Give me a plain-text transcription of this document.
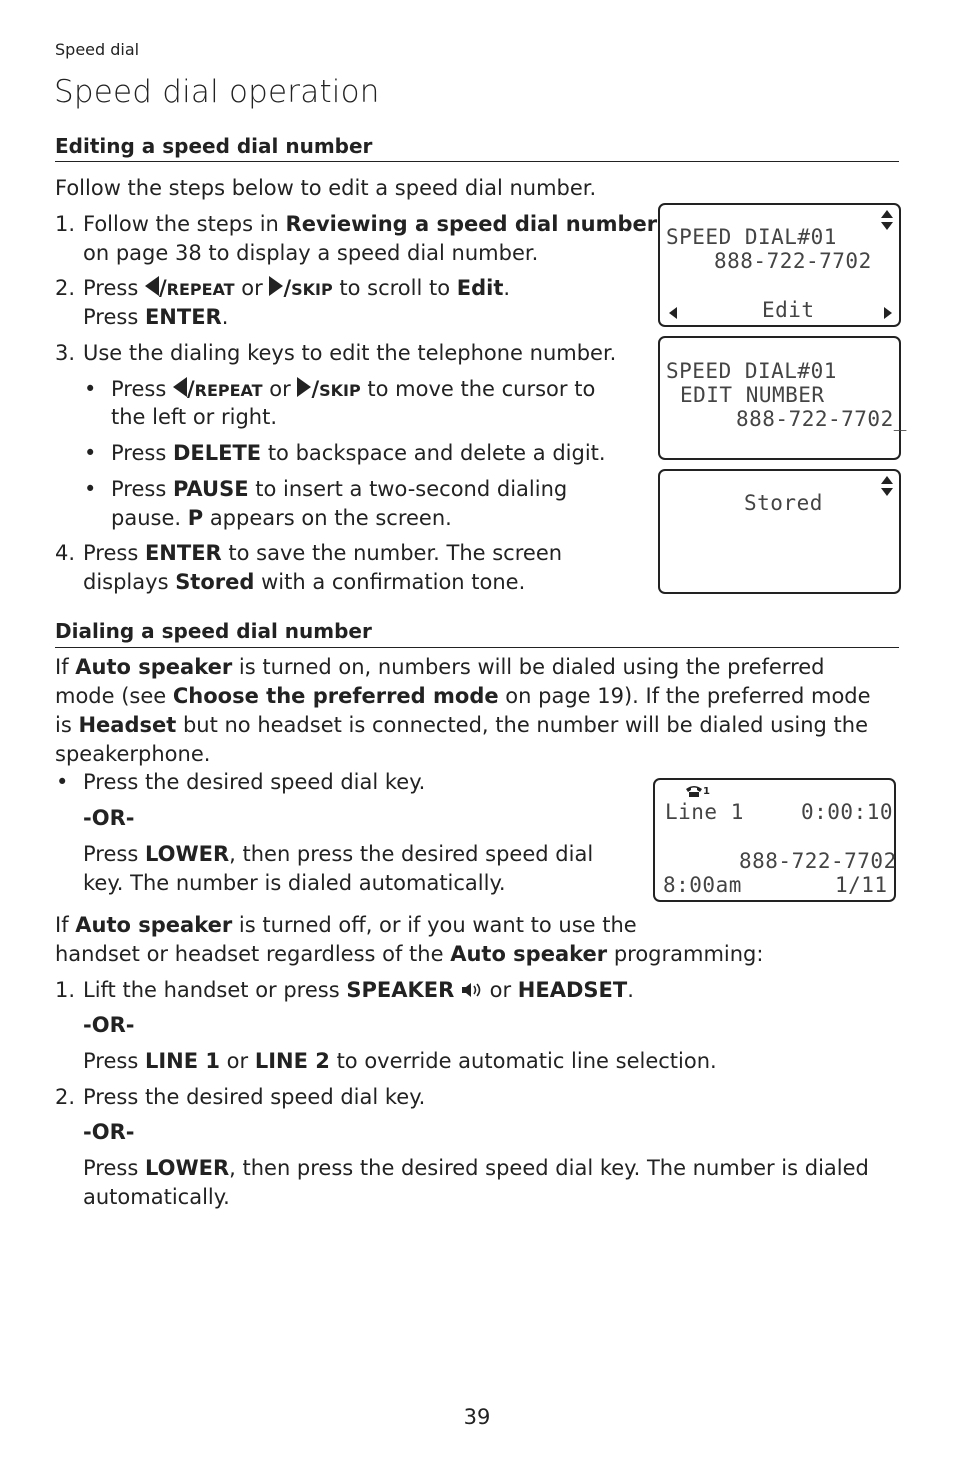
Speed dial
Speed dial operation
Editing a speed dial number
Follow the steps below to edit a speed dial number.
1. Follow the steps in Reviewing a speed dial number
on page 38 to display a speed dial number.
2. Press /REPEAT or /SKIP to scroll to Edit.
Press ENTER.
3. Use the dialing keys to edit the telephone number.
• Press /REPEAT or /SKIP to move the cursor to
the left or right.
• Press DELETE to backspace and delete a digit.
• Press PAUSE to insert a two-second dialing
pause. P appears on the screen.
4. Press ENTER to save the number. The screen
displays Stored with a confirmation tone.
SPEED DIAL#01
888-722-7702
Edit
SPEED DIAL#01
EDIT NUMBER
888-722-7702_
Stored
Dialing a speed dial number
If Auto speaker is turned on, numbers will be dialed using the preferred
mode (see Choose the preferred mode on page 19). If the preferred mode
is Headset but no headset is connected, the number will be dialed using the
speakerphone.
• Press the desired speed dial key.
-OR-
Press LOWER, then press the desired speed dial
key. The number is dialed automatically.
1
Line 1	0:00:10
888-722-7702
8:00am	1/11
If Auto speaker is turned off, or if you want to use the
handset or headset regardless of the Auto speaker programming:
1. Lift the handset or press SPEAKER  or HEADSET.
-OR-
Press LINE 1 or LINE 2 to override automatic line selection.
2. Press the desired speed dial key.
-OR-
Press LOWER, then press the desired speed dial key. The number is dialed
automatically.
39
